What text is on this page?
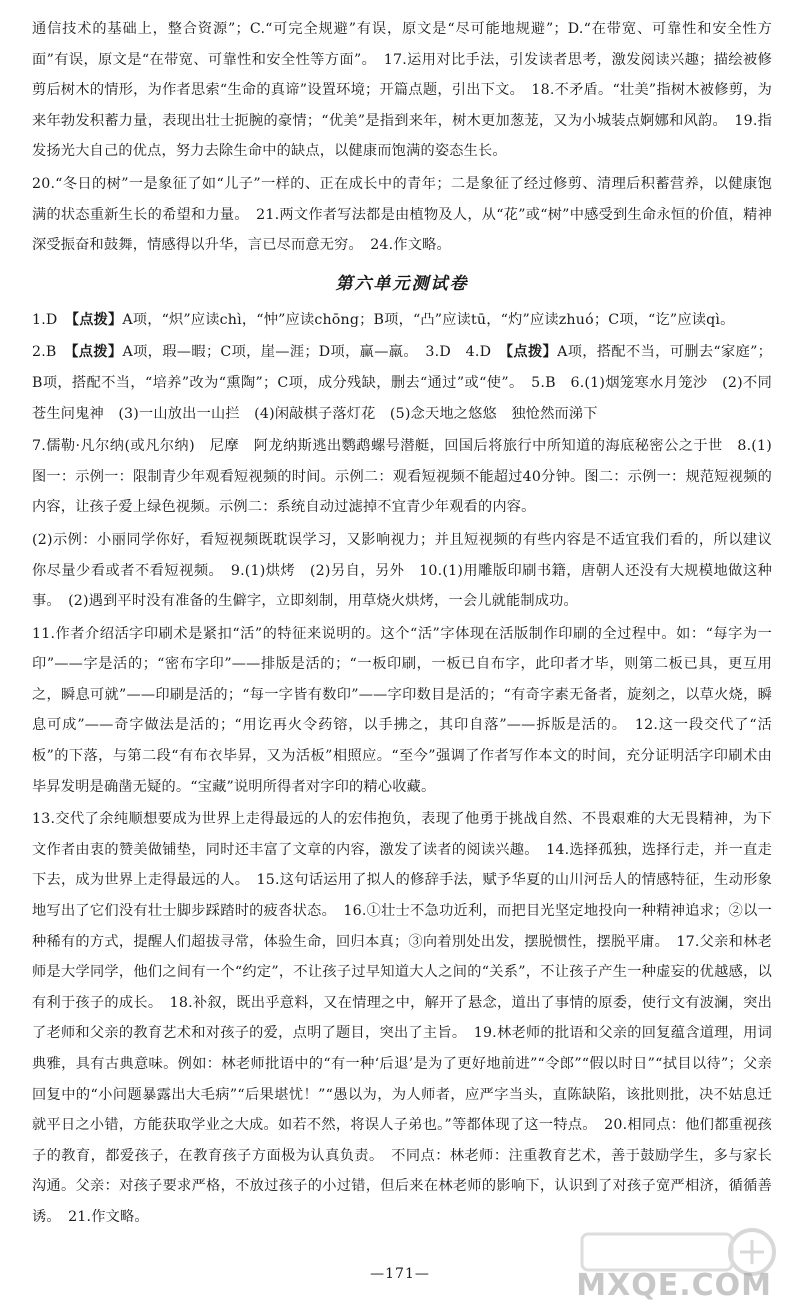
通信技术的基础上，整合资源”；C.“可完全规避”有误，原文是“尽可能地规避”；D.“在带宽、可靠性和安全性方面”有误，原文是“在带宽、可靠性和安全性等方面”。　17.运用对比手法，引发读者思考，激发阅读兴趣；描绘被修剪后树木的情形，为作者思索“生命的真谛”设置环境；开篇点题，引出下文。　18.不矛盾。“壮美”指树木被修剪，为来年勃发积蓄力量，表现出壮士扼腕的豪情；“优美”是指到来年，树木更加葱茏，又为小城装点婀娜和风韵。　19.指发扬光大自己的优点，努力去除生命中的缺点，以健康而饱满的姿态生长。

20.“冬日的树”一是象征了如“儿子”一样的、正在成长中的青年；二是象征了经过修剪、清理后积蓄营养，以健康饱满的状态重新生长的希望和力量。　21.两文作者写法都是由植物及人，从“花”或“树”中感受到生命永恒的价值，精神深受振奋和鼓舞，情感得以升华，言已尽而意无穷。　24.作文略。

第六单元测试卷

1.D　 【点拨】A项，“炽”应读chì，“忡”应读chōng；B项，“凸”应读tū，“灼”应读zhuó；C项，“讫”应读qì。

2.B　 【点拨】A项，瑕—暇；C项，崖—涯；D项，赢—羸。　3.D　4.D　 【点拨】A项，搭配不当，可删去“家庭”；B项，搭配不当，“培养”改为“熏陶”；C项，成分残缺，删去“通过”或“使”。　5.B　6.(1)烟笼寒水月笼沙　(2)不同苍生问鬼神　(3)一山放出一山拦　(4)闲敲棋子落灯花　(5)念天地之悠悠　独怆然而涕下

7.儒勒·凡尔纳(或凡尔纳)　尼摩　阿龙纳斯逃出鹦鹉螺号潜艇，回国后将旅行中所知道的海底秘密公之于世　8.(1)图一：示例一：限制青少年观看短视频的时间。示例二：观看短视频不能超过40分钟。图二：示例一：规范短视频的内容，让孩子爱上绿色视频。示例二：系统自动过滤掉不宜青少年观看的内容。

(2)示例：小丽同学你好，看短视频既耽误学习，又影响视力；并且短视频的有些内容是不适宜我们看的，所以建议你尽量少看或者不看短视频。　9.(1)烘烤　(2)另自，另外　10.(1)用雕版印刷书籍，唐朝人还没有大规模地做这种事。　(2)遇到平时没有准备的生僻字，立即刻制，用草烧火烘烤，一会儿就能制成功。

11.作者介绍活字印刷术是紧扣“活”的特征来说明的。这个“活”字体现在活版制作印刷的全过程中。如：“每字为一印”——字是活的；“密布字印”——排版是活的；“一板印刷，一板已自布字，此印者才毕，则第二板已具，更互用之，瞬息可就”——印刷是活的；“每一字皆有数印”——字印数目是活的；“有奇字素无备者，旋刻之，以草火烧，瞬息可成”——奇字做法是活的；“用讫再火令药镕，以手拂之，其印自落”——拆版是活的。　12.这一段交代了“活板”的下落，与第二段“有布衣毕昇，又为活板”相照应。“至今”强调了作者写作本文的时间，充分证明活字印刷术由毕昇发明是确凿无疑的。“宝藏”说明所得者对字印的精心收藏。

13.交代了余纯顺想要成为世界上走得最远的人的宏伟抱负，表现了他勇于挑战自然、不畏艰难的大无畏精神，为下文作者由衷的赞美做铺垫，同时还丰富了文章的内容，激发了读者的阅读兴趣。　14.选择孤独，选择行走，并一直走下去，成为世界上走得最远的人。　15.这句话运用了拟人的修辞手法，赋予华夏的山川河岳人的情感特征，生动形象地写出了它们没有壮士脚步踩踏时的疲沓状态。　16.①壮士不急功近利，而把目光坚定地投向一种精神追求；②以一种稀有的方式，提醒人们超拔寻常，体验生命，回归本真；③向着別处出发，摆脱惯性，摆脱平庸。　17.父亲和林老师是大学同学，他们之间有一个“约定”，不让孩子过早知道大人之间的“关系”，不让孩子产生一种虚妄的优越感，以有利于孩子的成长。　18.补叙，既出乎意料，又在情理之中，解开了悬念，道出了事情的原委，使行文有波澜，突出了老师和父亲的教育艺术和对孩子的爱，点明了题目，突出了主旨。　19.林老师的批语和父亲的回复蕴含道理，用词典雅，具有古典意味。例如：林老师批语中的“有一种‘后退’是为了更好地前进”“令郎”“假以时日”“拭目以待”；父亲回复中的“小问题暴露出大毛病”“后果堪忧！”“愚以为，为人师者，应严字当头，直陈缺陷，该批则批，决不姑息迁就平日之小错，方能获取学业之大成。如若不然，将误人子弟也。”等都体现了这一特点。　20.相同点：他们都重视孩子的教育，都爱孩子，在教育孩子方面极为认真负责。　不同点：林老师：注重教育艺术，善于鼓励学生，多与家长沟通。父亲：对孩子要求严格，不放过孩子的小过错，但后来在林老师的影响下，认识到了对孩子宽严相济，循循善诱。　21.作文略。

MXQE.COM
—171—
